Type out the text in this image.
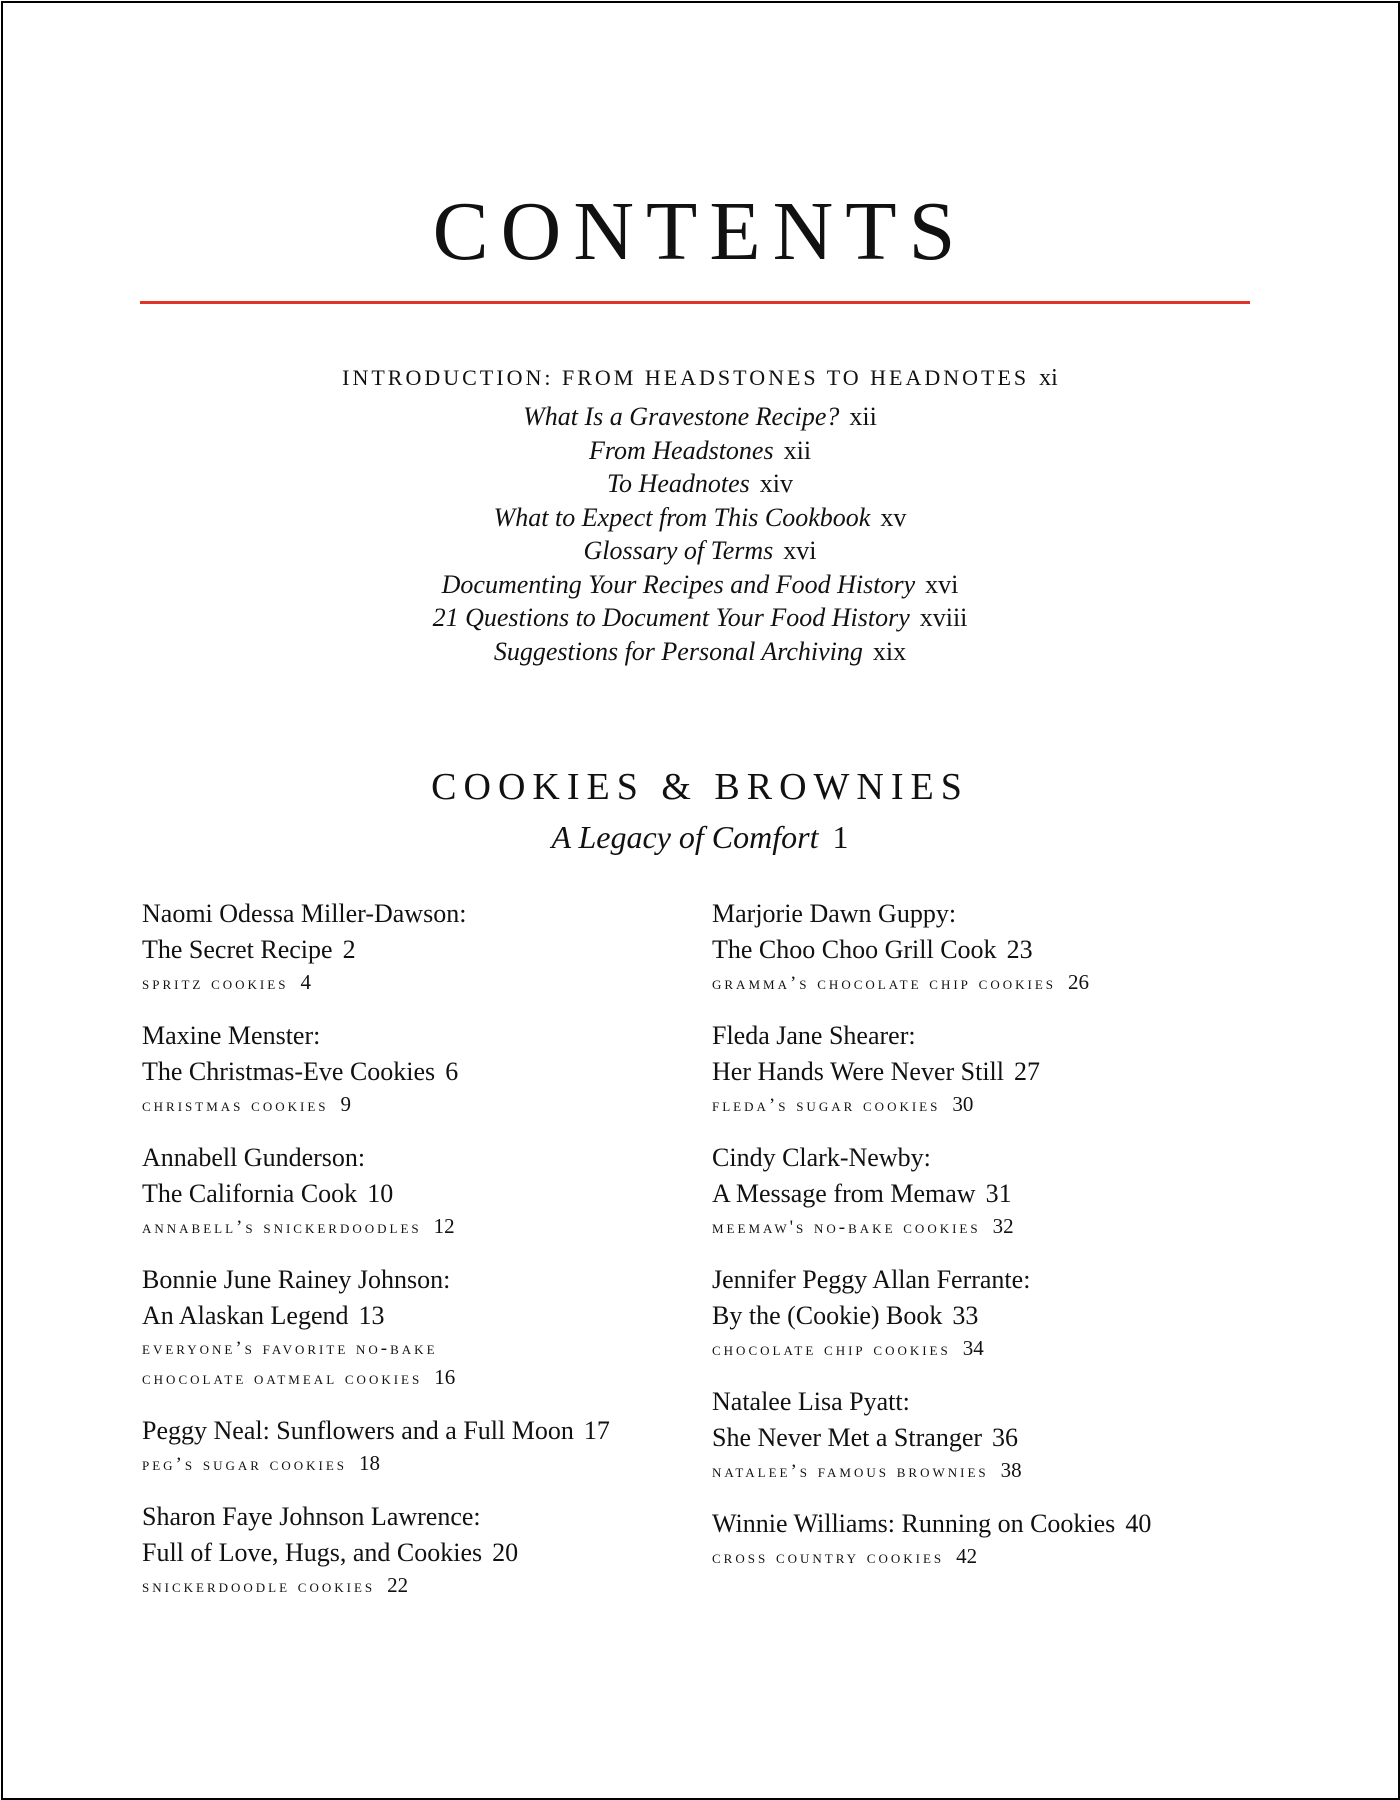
CONTENTS
INTRODUCTION: FROM HEADSTONES TO HEADNOTES xi
What Is a Gravestone Recipe? xii
From Headstones xii
To Headnotes xiv
What to Expect from This Cookbook xv
Glossary of Terms xvi
Documenting Your Recipes and Food History xvi
21 Questions to Document Your Food History xviii
Suggestions for Personal Archiving xix
COOKIES & BROWNIES
A Legacy of Comfort 1
Naomi Odessa Miller-Dawson:
The Secret Recipe 2
spritz cookies 4
Maxine Menster:
The Christmas-Eve Cookies 6
christmas cookies 9
Annabell Gunderson:
The California Cook 10
annabell’s snickerdoodles 12
Bonnie June Rainey Johnson:
An Alaskan Legend 13
everyone’s favorite no-bake
chocolate oatmeal cookies 16
Peggy Neal: Sunflowers and a Full Moon 17
peg’s sugar cookies 18
Sharon Faye Johnson Lawrence:
Full of Love, Hugs, and Cookies 20
snickerdoodle cookies 22
Marjorie Dawn Guppy:
The Choo Choo Grill Cook 23
gramma’s chocolate chip cookies 26
Fleda Jane Shearer:
Her Hands Were Never Still 27
fleda’s sugar cookies 30
Cindy Clark-Newby:
A Message from Memaw 31
meemaw's no-bake cookies 32
Jennifer Peggy Allan Ferrante:
By the (Cookie) Book 33
chocolate chip cookies 34
Natalee Lisa Pyatt:
She Never Met a Stranger 36
natalee’s famous brownies 38
Winnie Williams: Running on Cookies 40
cross country cookies 42
